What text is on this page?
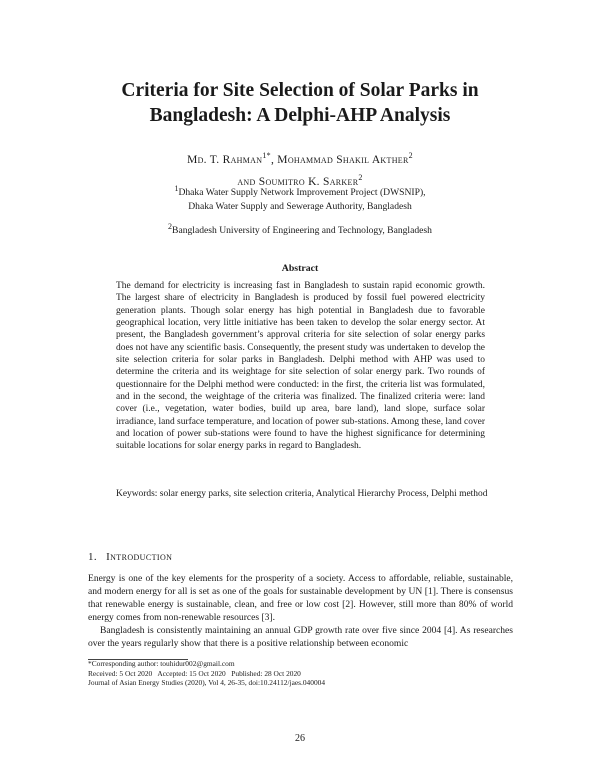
Criteria for Site Selection of Solar Parks in
Bangladesh: A Delphi-AHP Analysis
Md. T. Rahman$^{1*}$, Mohammad Shakil Akther$^2$
and Soumitro K. Sarker$^2$
$^1$Dhaka Water Supply Network Improvement Project (DWSNIP),
Dhaka Water Supply and Sewerage Authority, Bangladesh
$^2$Bangladesh University of Engineering and Technology, Bangladesh
Abstract
The demand for electricity is increasing fast in Bangladesh to sustain rapid economic growth. The largest share of electricity in Bangladesh is produced by fossil fuel powered electricity generation plants. Though solar energy has high potential in Bangladesh due to favorable geographical location, very little initiative has been taken to develop the solar energy sector. At present, the Bangladesh government’s approval criteria for site selection of solar energy parks does not have any scientific basis. Consequently, the present study was undertaken to develop the site selection criteria for solar parks in Bangladesh. Delphi method with AHP was used to determine the criteria and its weightage for site selection of solar energy park. Two rounds of questionnaire for the Delphi method were conducted: in the first, the criteria list was formulated, and in the second, the weightage of the criteria was finalized. The finalized criteria were: land cover (i.e., vegetation, water bodies, build up area, bare land), land slope, surface solar irradiance, land surface temperature, and location of power sub-stations. Among these, land cover and location of power sub-stations were found to have the highest significance for determining suitable locations for solar energy parks in regard to Bangladesh.
Keywords: solar energy parks, site selection criteria, Analytical Hierarchy Process, Delphi method
1. Introduction

Energy is one of the key elements for the prosperity of a society. Access to affordable, reliable, sustainable, and modern energy for all is set as one of the goals for sustainable development by UN [1]. There is consensus that renewable energy is sustainable, clean, and free or low cost [2]. However, still more than 80% of world energy comes from non-renewable resources [3].

Bangladesh is consistently maintaining an annual GDP growth rate over five since 2004 [4]. As researches over the years regularly show that there is a positive relationship between economic

*Corresponding author: touhidur002@gmail.com
Received: 5 Oct 2020   Accepted: 15 Oct 2020   Published: 28 Oct 2020
Journal of Asian Energy Studies (2020), Vol 4, 26-35, doi:10.24112/jaes.040004
26
